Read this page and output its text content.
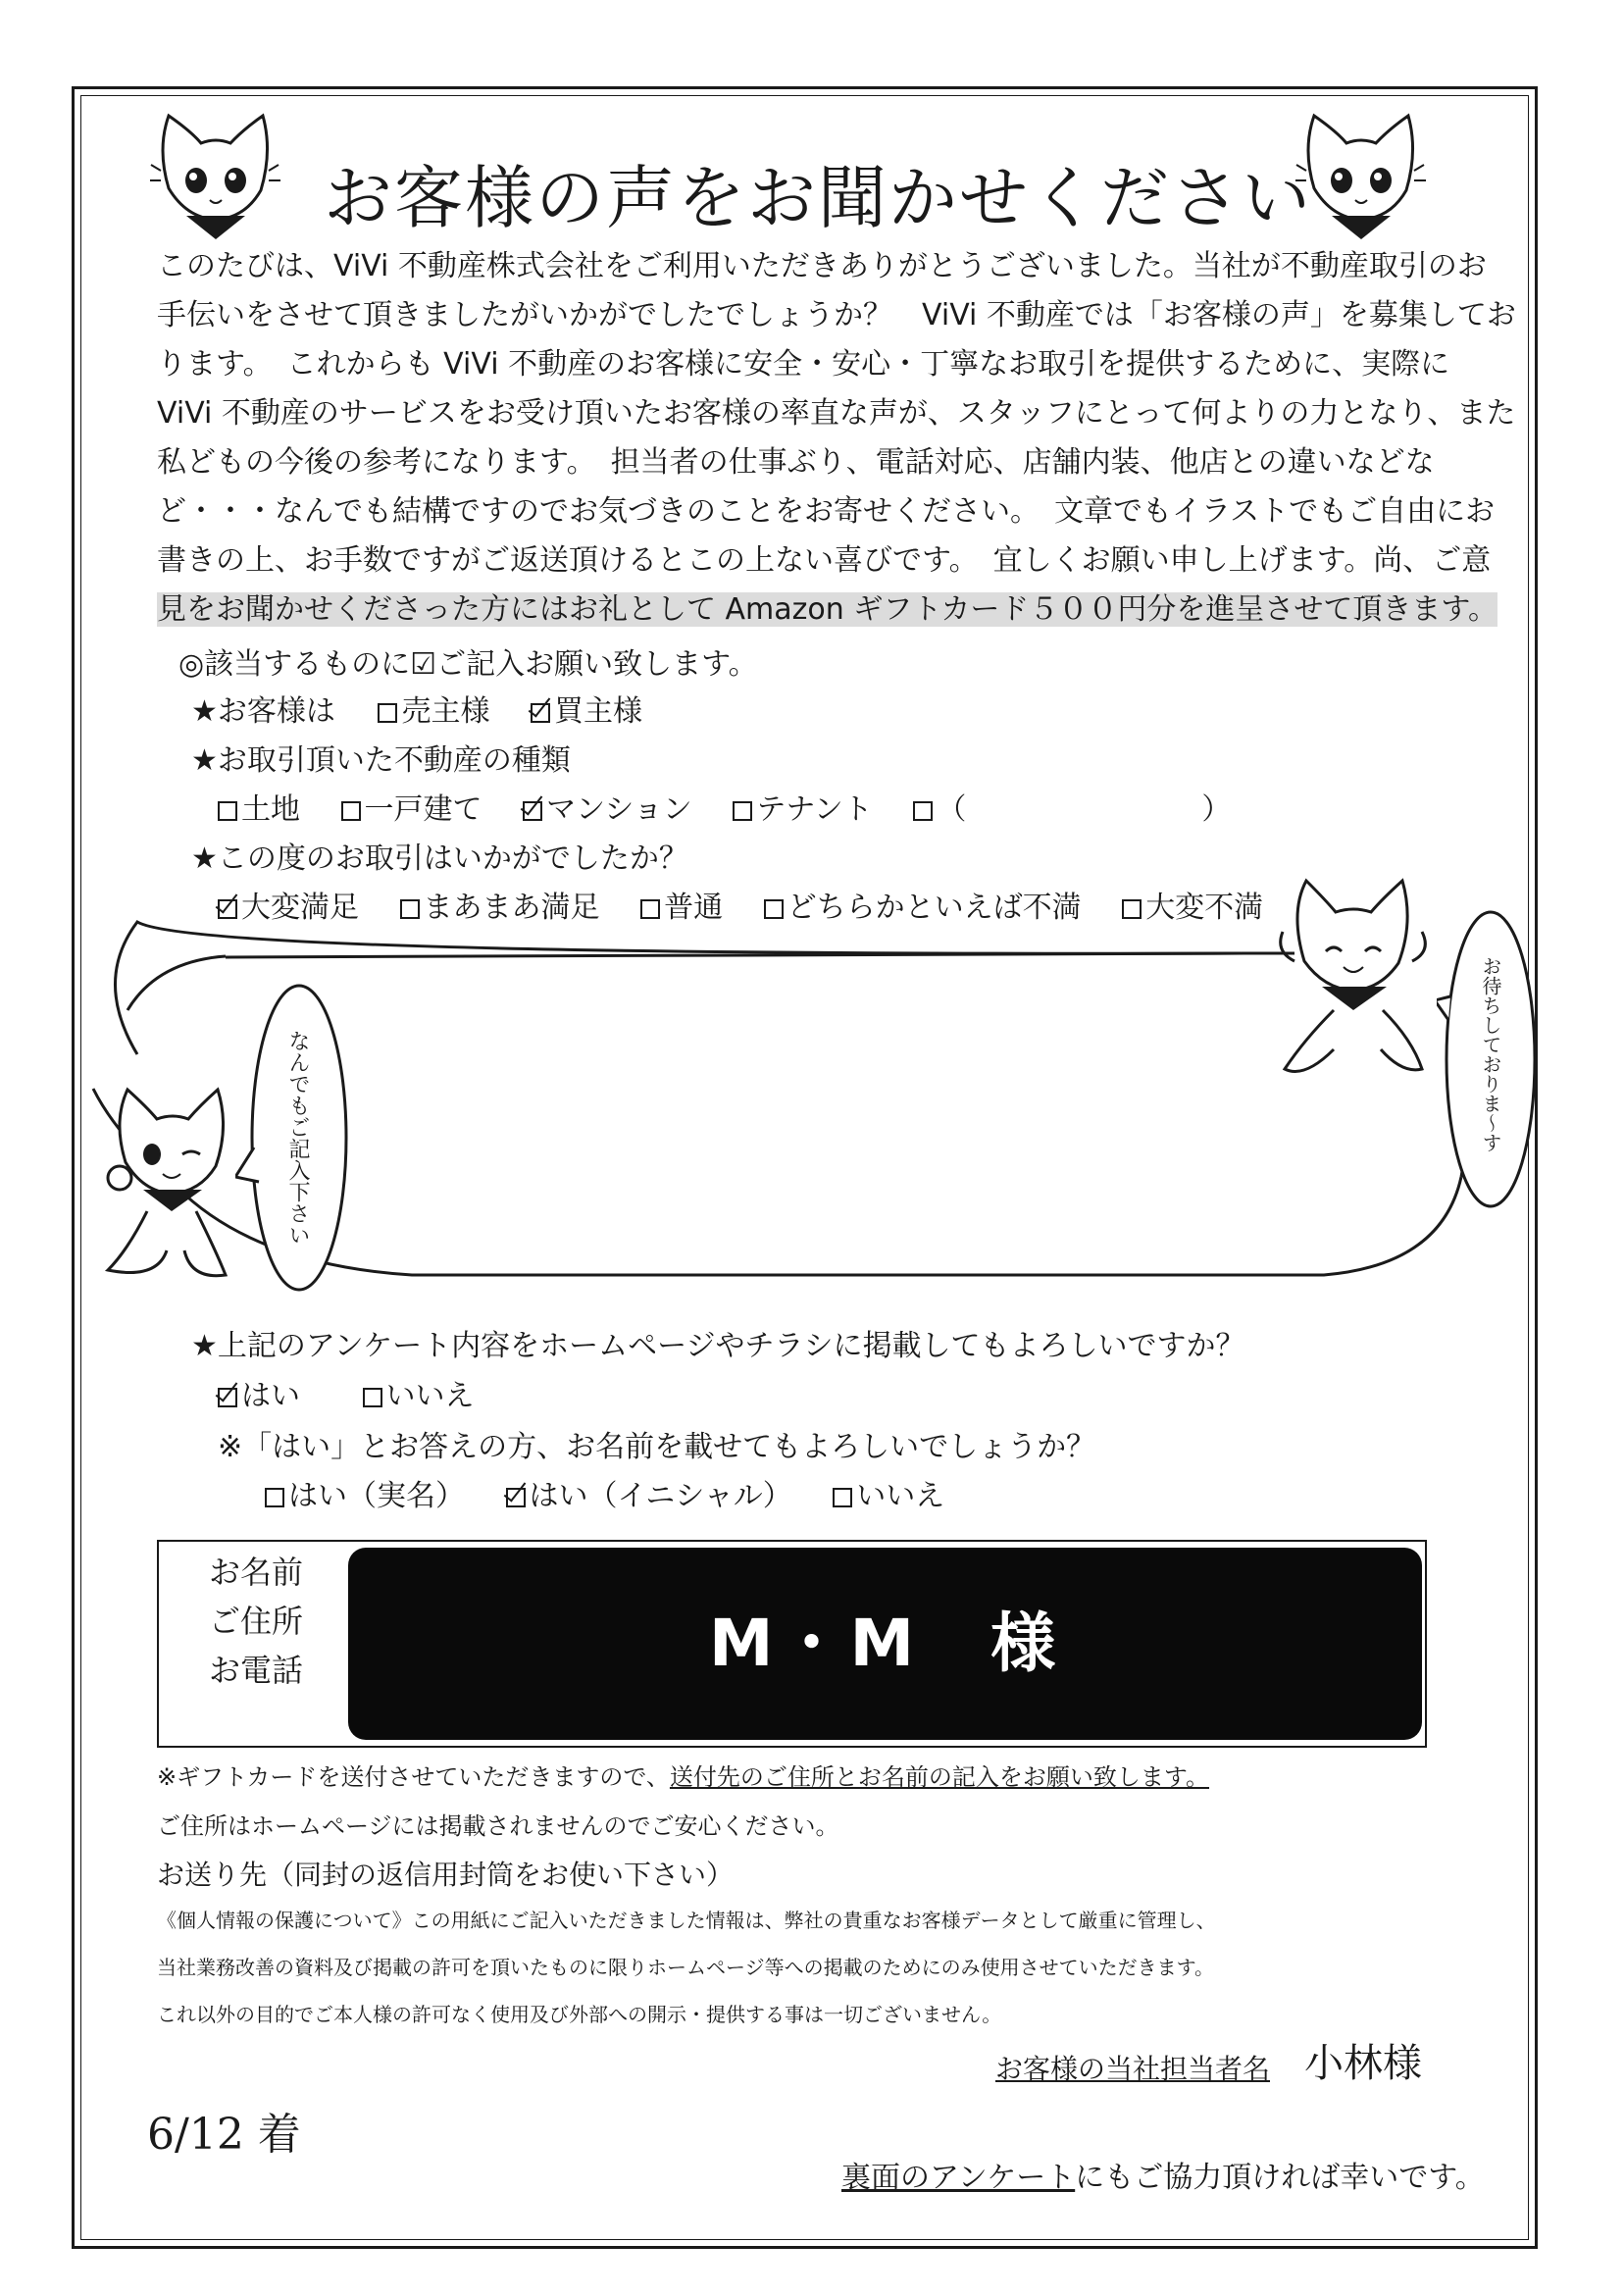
お客様の声をお聞かせください

このたびは、ViVi 不動産株式会社をご利用いただきありがとうございました。当社が不動産取引のお

手伝いをさせて頂きましたがいかがでしたでしょうか？　ViVi 不動産では「お客様の声」を募集してお

ります。　これからも ViVi 不動産のお客様に安全・安心・丁寧なお取引を提供するために、実際に

ViVi 不動産のサービスをお受け頂いたお客様の率直な声が、スタッフにとって何よりの力となり、また

私どもの今後の参考になります。　担当者の仕事ぶり、電話対応、店舗内装、他店との違いなどな

ど・・・なんでも結構ですのでお気づきのことをお寄せください。　文章でもイラストでもご自由にお

書きの上、お手数ですがご返送頂けるとこの上ない喜びです。　宜しくお願い申し上げます。尚、ご意

見をお聞かせくださった方にはお礼として Amazon ギフトカード５００円分を進呈させて頂きます。

◎該当するものに☑ご記入お願い致します。
★お客様は 売主様 買主様
★お取引頂いた不動産の種類
土地 一戸建て マンション テナント （　　　　　　　　）
★この度のお取引はいかがでしたか？
大変満足 まあまあ満足 普通 どちらかといえば不満 大変不満
なんでもご記入下さい	お待ちしておりま〜す
★上記のアンケート内容をホームページやチラシに掲載してもよろしいですか？
はい	いいえ
※「はい」とお答えの方、お名前を載せてもよろしいでしょうか？
はい（実名） はい（イニシャル） いいえ
お名前
ご住所
お電話	M・M　様
※ギフトカードを送付させていただきますので、送付先のご住所とお名前の記入をお願い致します。
ご住所はホームページには掲載されませんのでご安心ください。
お送り先（同封の返信用封筒をお使い下さい）
《個人情報の保護について》この用紙にご記入いただきました情報は、弊社の貴重なお客様データとして厳重に管理し、
当社業務改善の資料及び掲載の許可を頂いたものに限りホームページ等への掲載のためにのみ使用させていただきます。
これ以外の目的でご本人様の許可なく使用及び外部への開示・提供する事は一切ございません。
お客様の当社担当者名 小林様
6/12 着
裏面のアンケートにもご協力頂ければ幸いです。
